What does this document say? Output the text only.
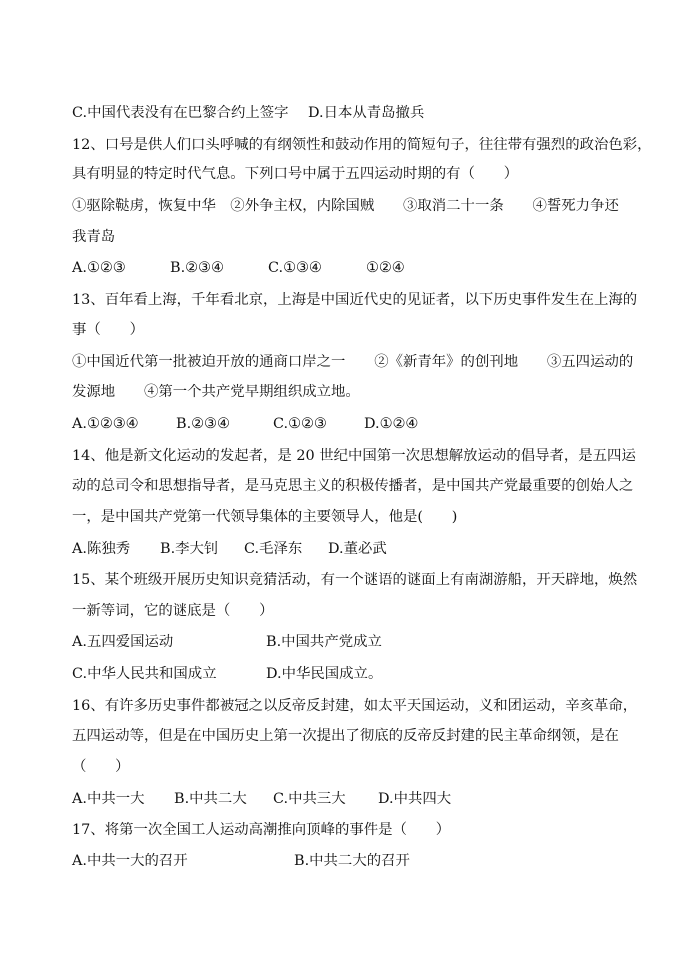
C.中国代表没有在巴黎合约上签字 D.日本从青岛撤兵
12、口号是供人们口头呼喊的有纲领性和鼓动作用的简短句子，往往带有强烈的政治色彩，
具有明显的特定时代气息。下列口号中属于五四运动时期的有（　　）
①驱除鞑虏，恢复中华　②外争主权，内除国贼　　③取消二十一条　　④誓死力争还
我青岛
A.①②③	B.②③④	C.①③④	①②④
13、百年看上海，千年看北京，上海是中国近代史的见证者，以下历史事件发生在上海的
事（　　）
①中国近代第一批被迫开放的通商口岸之一　　②《新青年》的创刊地　　③五四运动的
发源地　　④第一个共产党早期组织成立地。
A.①②③④	B.②③④	C.①②③	D.①②④
14、他是新文化运动的发起者，是 20 世纪中国第一次思想解放运动的倡导者，是五四运
动的总司令和思想指导者，是马克思主义的积极传播者，是中国共产党最重要的创始人之
一，是中国共产党第一代领导集体的主要领导人，他是(　　)
A.陈独秀 B.李大钊 C.毛泽东 D.董必武
15、某个班级开展历史知识竞猜活动，有一个谜语的谜面上有南湖游船，开天辟地，焕然
一新等词，它的谜底是（　　）
A.五四爱国运动	B.中国共产党成立
C.中华人民共和国成立	D.中华民国成立。
16、有许多历史事件都被冠之以反帝反封建，如太平天国运动，义和团运动，辛亥革命，
五四运动等，但是在中国历史上第一次提出了彻底的反帝反封建的民主革命纲领，是在
（　　）
A.中共一大 B.中共二大 C.中共三大 D.中共四大
17、将第一次全国工人运动高潮推向顶峰的事件是（　　）
A.中共一大的召开	B.中共二大的召开
